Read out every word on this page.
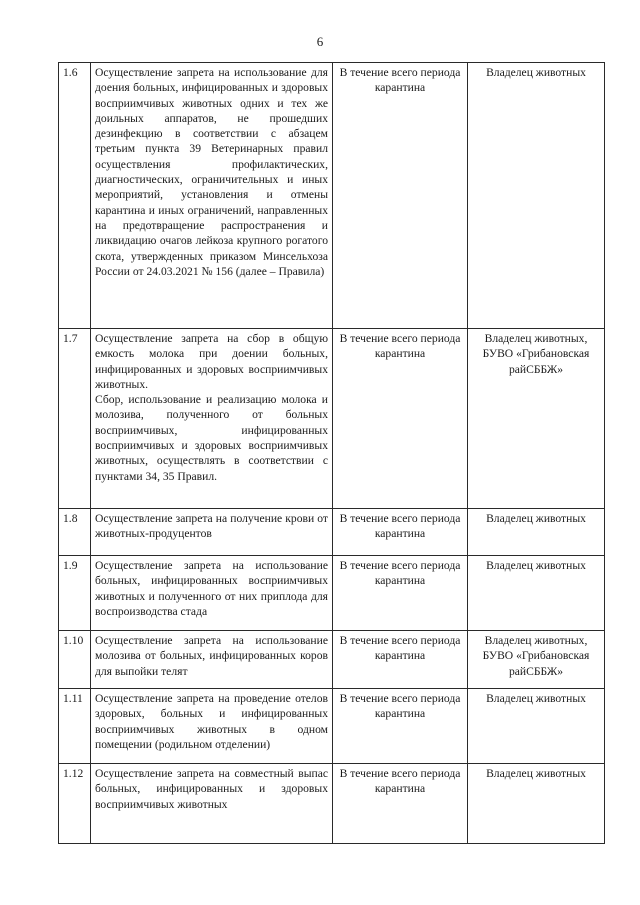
6
1.6	Осуществление запрета на использование для доения больных, инфицированных и здоровых восприимчивых животных одних и тех же доильных аппаратов, не прошедших дезинфекцию в соответствии с абзацем третьим пункта 39 Ветеринарных правил осуществления профилактических, диагностических, ограничительных и иных мероприятий, установления и отмены карантина и иных ограничений, направленных на предотвращение распространения и ликвидацию очагов лейкоза крупного рогатого скота, утвержденных приказом Минсельхоза России от 24.03.2021 № 156 (далее – Правила)	В течение всего периода карантина	Владелец животных
1.7	Осуществление запрета на сбор в общую емкость молока при доении больных, инфицированных и здоровых восприимчивых животных.
Сбор, использование и реализацию молока и молозива, полученного от больных восприимчивых, инфицированных восприимчивых и здоровых восприимчивых животных, осуществлять в соответствии с пунктами 34, 35 Правил.	В течение всего периода карантина	Владелец животных, БУВО «Грибановская райСББЖ»
1.8	Осуществление запрета на получение крови от животных-продуцентов	В течение всего периода карантина	Владелец животных
1.9	Осуществление запрета на использование больных, инфицированных восприимчивых животных и полученного от них приплода для воспроизводства стада	В течение всего периода карантина	Владелец животных
1.10	Осуществление запрета на использование молозива от больных, инфицированных коров для выпойки телят	В течение всего периода карантина	Владелец животных, БУВО «Грибановская райСББЖ»
1.11	Осуществление запрета на проведение отелов здоровых, больных и инфицированных восприимчивых животных в одном помещении (родильном отделении)	В течение всего периода карантина	Владелец животных
1.12	Осуществление запрета на совместный выпас больных, инфицированных и здоровых восприимчивых животных	В течение всего периода карантина	Владелец животных
